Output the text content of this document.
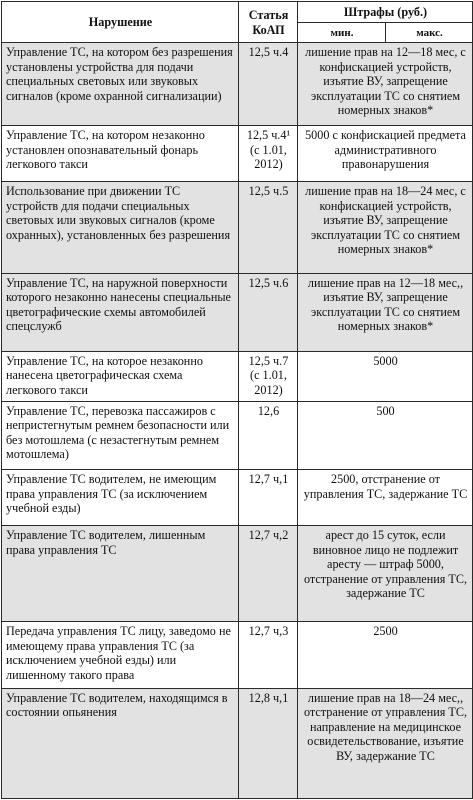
Нарушение	Статья КоАП	Штрафы (руб.)	
		мин.	макс.
Управление ТС, на котором без разрешения установлены устройства для подачи специальных световых или звуковых сигналов (кроме охранной сигнализации)	12,5 ч.4	лишение прав на 12—18 мес, с конфискацией устройств, изъятие ВУ, запрещение эксплуатации ТС со снятием номерных знаков*	
Управление ТС, на котором незаконно установлен опознавательный фонарь легкового такси	12,5 ч.4¹ (с 1.01, 2012)	5000 с конфискацией предмета административного правонарушения	
Использование при движении ТС устройств для подачи специальных световых или звуковых сигналов (кроме охранных), установленных без разрешения	12,5 ч.5	лишение прав на 18—24 мес, с конфискацией устройств, изъятие ВУ, запрещение эксплуатации ТС со снятием номерных знаков*	
Управление ТС, на наружной поверхности которого незаконно нанесены специальные цветографические схемы автомобилей спецслужб	12,5 ч.6	лишение прав на 12—18 мес,, изъятие ВУ, запрещение эксплуатации ТС со снятием номерных знаков*	
Управление ТС, на которое незаконно нанесена цветографическая схема легкового такси	12,5 ч.7 (с 1.01, 2012)	5000	
Управление ТС, перевозка пассажиров с непристегнутым ремнем безопасности или без мотошлема (с незастегнутым ремнем мотошлема)	12,6	500	
Управление ТС водителем, не имеющим права управления ТС (за исключением учебной езды)	12,7 ч,1	2500, отстранение от управления ТС, задержание ТС	
Управление ТС водителем, лишенным права управления ТС	12,7 ч,2	арест до 15 суток, если виновное лицо не подлежит аресту — штраф 5000, отстранение от управления ТС, задержание ТС	
Передача управления ТС лицу, заведомо не имеющему права управления ТС (за исключением учебной езды) или лишенному такого права	12,7 ч,3	2500	
Управление ТС водителем, находящимся в состоянии опьянения	12,8 ч,1	лишение прав на 18—24 мес,, отстранение от управления ТС, направление на медицинское освидетельствование, изъятие ВУ, задержание ТС	
